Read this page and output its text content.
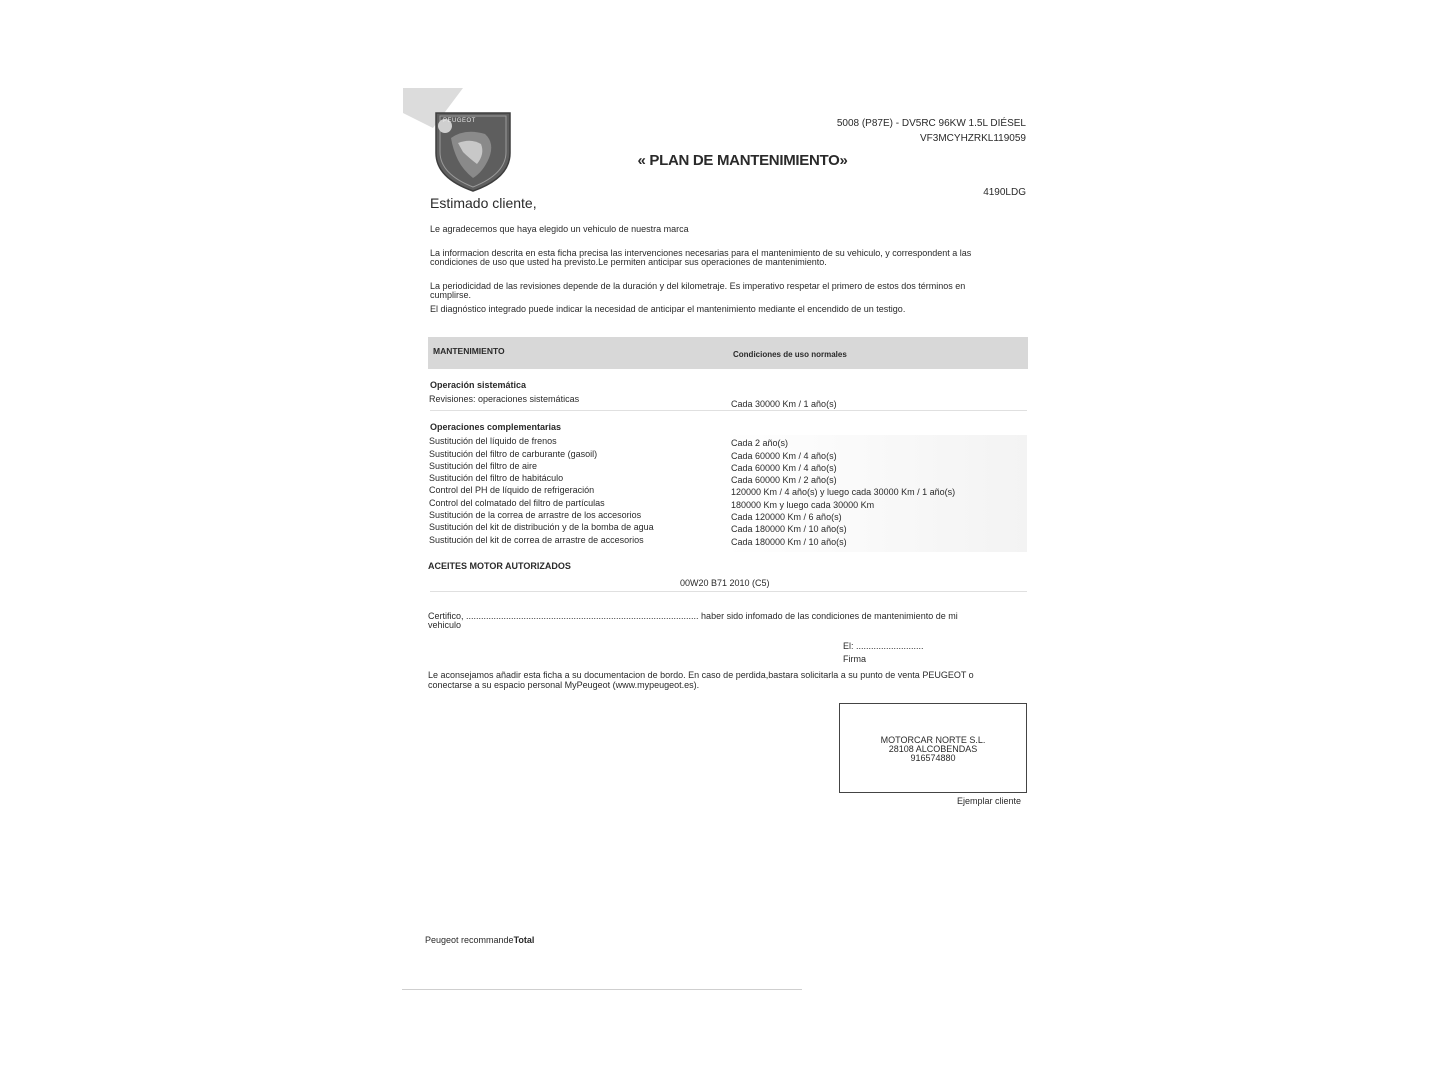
PEUGEOT	5008 (P87E) - DV5RC 96KW 1.5L DIÉSEL
VF3MCYHZRKL119059
« PLAN DE MANTENIMIENTO»
4190LDG
Estimado cliente,
Le agradecemos que haya elegido un vehiculo de nuestra marca
La informacion descrita en esta ficha precisa las intervenciones necesarias para el mantenimiento de su vehiculo, y correspondent a las
condiciones de uso que usted ha previsto.Le permiten anticipar sus operaciones de mantenimiento.
La periodicidad de las revisiones depende de la duración y del kilometraje. Es imperativo respetar el primero de estos dos términos en
cumplirse.
El diagnóstico integrado puede indicar la necesidad de anticipar el mantenimiento mediante el encendido de un testigo.
MANTENIMIENTO	Condiciones de uso normales
Operación sistemática
Revisiones: operaciones sistemáticas	Cada 30000 Km / 1 año(s)
Operaciones complementarias
Sustitución del líquido de frenos	Cada 2 año(s)
Sustitución del filtro de carburante (gasoil)	Cada 60000 Km / 4 año(s)
Sustitución del filtro de aire	Cada 60000 Km / 4 año(s)
Sustitución del filtro de habitáculo	Cada 60000 Km / 2 año(s)
Control del PH de líquido de refrigeración	120000 Km / 4 año(s) y luego cada 30000 Km / 1 año(s)
Control del colmatado del filtro de partículas	180000 Km y luego cada 30000 Km
Sustitución de la correa de arrastre de los accesorios	Cada 120000 Km / 6 año(s)
Sustitución del kit de distribución y de la bomba de agua	Cada 180000 Km / 10 año(s)
Sustitución del kit de correa de arrastre de accesorios	Cada 180000 Km / 10 año(s)
ACEITES MOTOR AUTORIZADOS
00W20 B71 2010 (C5)
Certifico, ............................................................................................. haber sido infomado de las condiciones de mantenimiento de mi
vehiculo
El: ...........................
Firma
Le aconsejamos añadir esta ficha a su documentacion de bordo. En caso de perdida,bastara solicitarla a su punto de venta PEUGEOT o
conectarse a su espacio personal MyPeugeot (www.mypeugeot.es).
MOTORCAR NORTE S.L.
28108 ALCOBENDAS
916574880
Ejemplar cliente
Peugeot recommandeTotal
